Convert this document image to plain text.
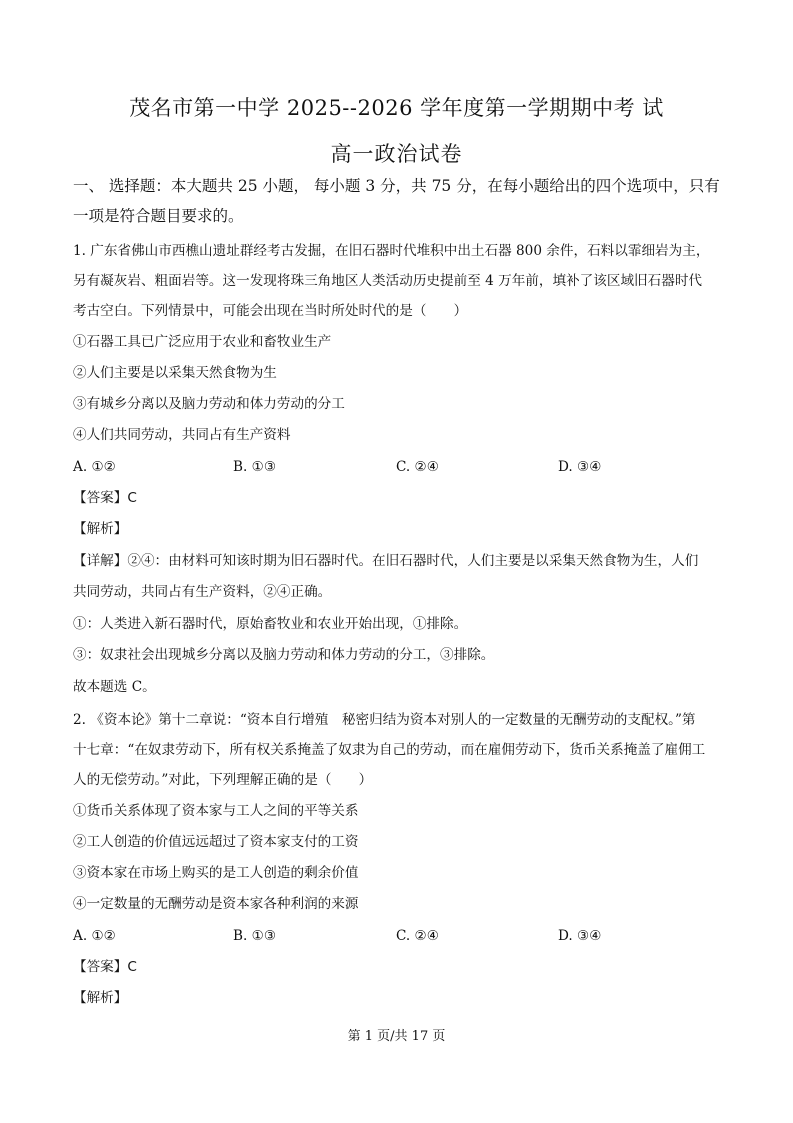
茂名市第一中学 2025--2026 学年度第一学期期中考 试
高一政治试卷
一、 选择题：本大题共 25 小题， 每小题 3 分，共 75 分，在每小题给出的四个选项中，只有
一项是符合题目要求的。
1. 广东省佛山市西樵山遗址群经考古发掘，在旧石器时代堆积中出土石器 800 余件，石料以霏细岩为主，
另有凝灰岩、粗面岩等。这一发现将珠三角地区人类活动历史提前至 4 万年前，填补了该区域旧石器时代
考古空白。下列情景中，可能会出现在当时所处时代的是（　　）
①石器工具已广泛应用于农业和畜牧业生产
②人们主要是以采集天然食物为生
③有城乡分离以及脑力劳动和体力劳动的分工
④人们共同劳动，共同占有生产资料
A. ①②	B. ①③	C. ②④	D. ③④
【答案】C
【解析】
【详解】②④：由材料可知该时期为旧石器时代。在旧石器时代，人们主要是以采集天然食物为生，人们
共同劳动，共同占有生产资料，②④正确。
①：人类进入新石器时代，原始畜牧业和农业开始出现，①排除。
③：奴隶社会出现城乡分离以及脑力劳动和体力劳动的分工，③排除。
故本题选 C。
2. 《资本论》第十二章说：“资本自行增殖　秘密归结为资本对别人的一定数量的无酬劳动的支配权。”第
十七章：“在奴隶劳动下，所有权关系掩盖了奴隶为自己的劳动，而在雇佣劳动下，货币关系掩盖了雇佣工
人的无偿劳动。”对此，下列理解正确的是（　　）
①货币关系体现了资本家与工人之间的平等关系
②工人创造的价值远远超过了资本家支付的工资
③资本家在市场上购买的是工人创造的剩余价值
④一定数量的无酬劳动是资本家各种利润的来源
A. ①②	B. ①③	C. ②④	D. ③④
【答案】C
【解析】
第 1 页/共 17 页
